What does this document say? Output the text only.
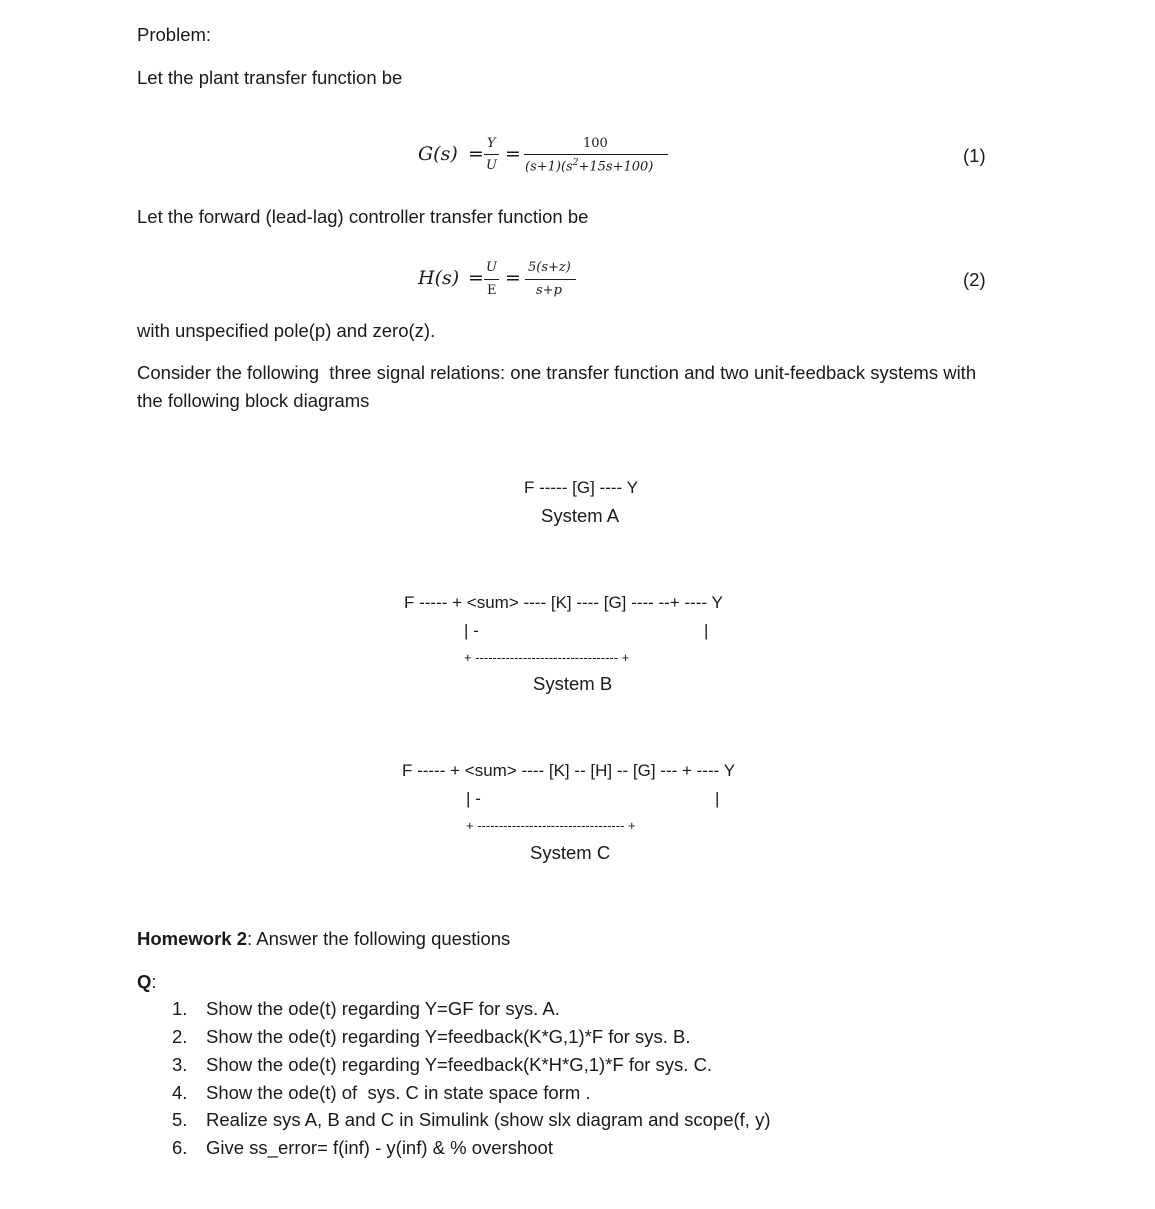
Problem:
Let the plant transfer function be
G(s) = Y
U
=	100
$(s+1)(s^2+15s+100)$
(1)
Let the forward (lead-lag) controller transfer function be
H(s) = U
E
= 5(s+z)
s+p
(2)
with unspecified pole(p) and zero(z).
Consider the following  three signal relations: one transfer function and two unit-feedback systems with
the following block diagrams
F ----- [G] ---- Y
System A
F ----- + <sum> ---- [K] ---- [G] ---- --+ ---- Y
| -	|
+ --------------------------------- +
System B
F ----- + <sum> ---- [K] -- [H] -- [G] --- + ---- Y
| -	|
+ ---------------------------------- +
System C
Homework 2: Answer the following questions
Q:
1. Show the ode(t) regarding Y=GF for sys. A.
2. Show the ode(t) regarding Y=feedback(K*G,1)*F for sys. B.
3. Show the ode(t) regarding Y=feedback(K*H*G,1)*F for sys. C.
4. Show the ode(t) of  sys. C in state space form .
5. Realize sys A, B and C in Simulink (show slx diagram and scope(f, y)
6. Give ss_error= f(inf) - y(inf) & % overshoot
